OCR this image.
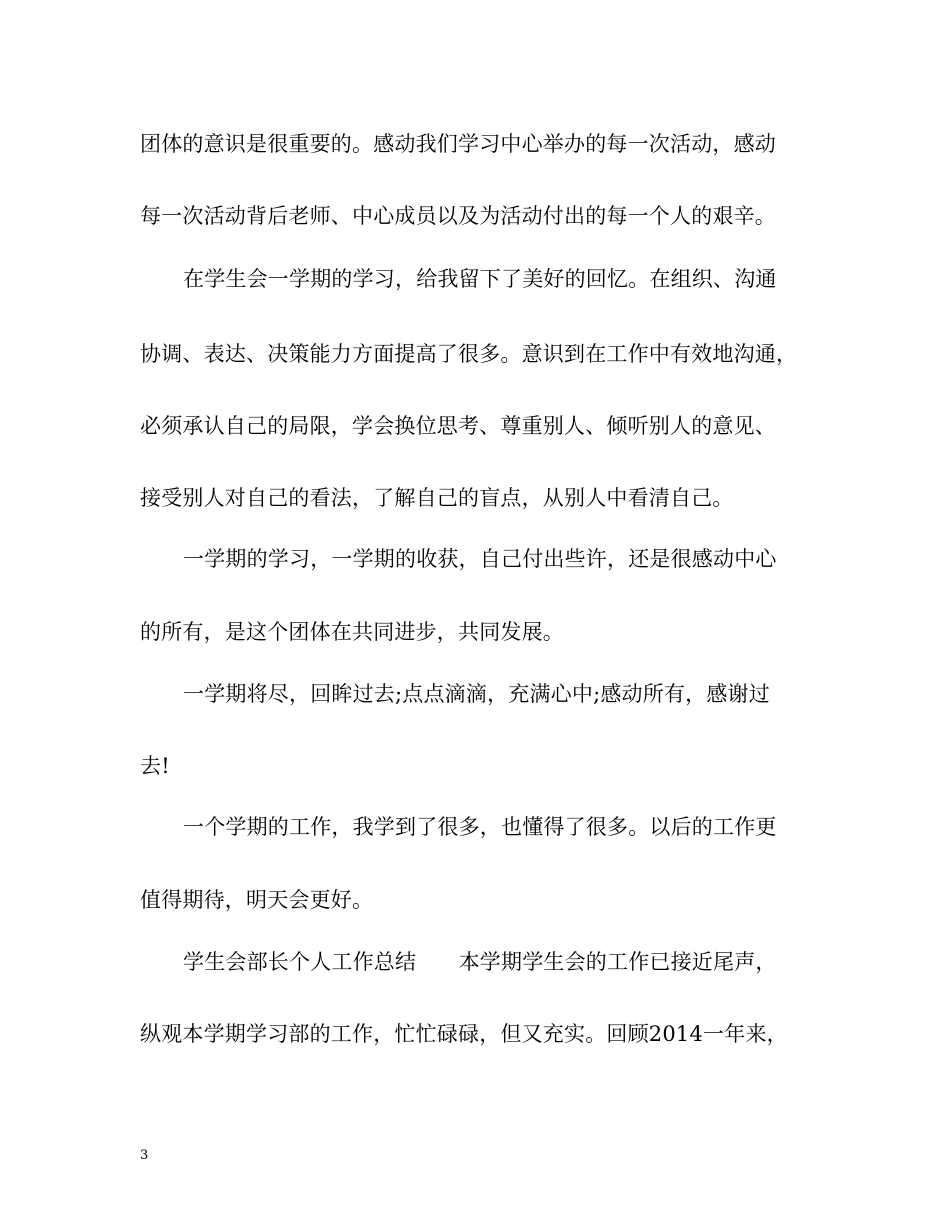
团体的意识是很重要的。感动我们学习中心举办的每一次活动，感动
每一次活动背后老师、中心成员以及为活动付出的每一个人的艰辛。
在学生会一学期的学习，给我留下了美好的回忆。在组织、沟通
协调、表达、决策能力方面提高了很多。意识到在工作中有效地沟通，
必须承认自己的局限，学会换位思考、尊重别人、倾听别人的意见、
接受别人对自己的看法，了解自己的盲点，从别人中看清自己。
一学期的学习，一学期的收获，自己付出些许，还是很感动中心
的所有，是这个团体在共同进步，共同发展。
一学期将尽，回眸过去;点点滴滴，充满心中;感动所有，感谢过
去!
一个学期的工作，我学到了很多，也懂得了很多。以后的工作更
值得期待，明天会更好。
学生会部长个人工作总结　　本学期学生会的工作已接近尾声，
纵观本学期学习部的工作，忙忙碌碌，但又充实。回顾2014一年来，
3
